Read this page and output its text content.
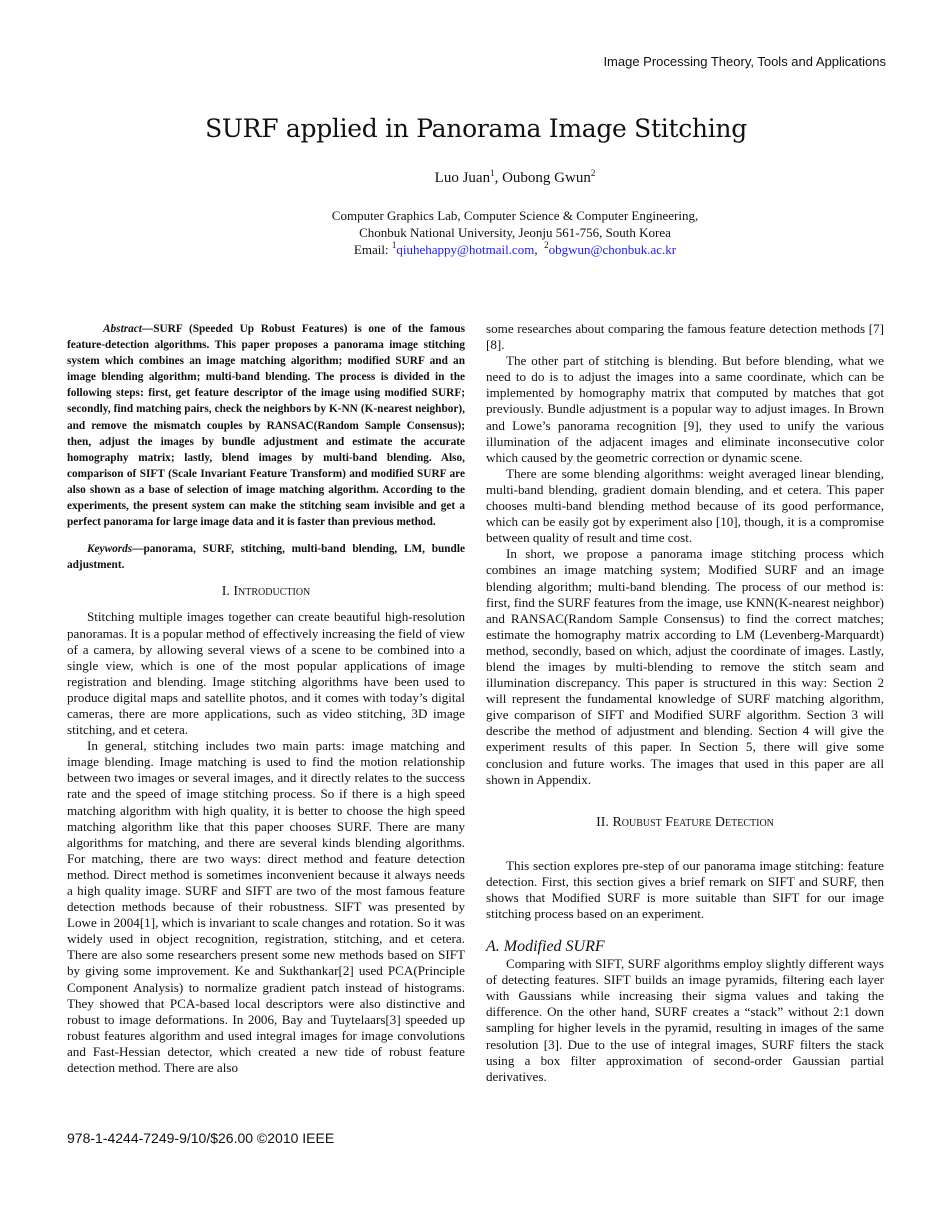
Image Processing Theory, Tools and Applications
SURF applied in Panorama Image Stitching
Luo Juan$^1$, Oubong Gwun$^2$
Computer Graphics Lab, Computer Science & Computer Engineering,
Chonbuk National University, Jeonju 561-756, South Korea
Email: $^1$qiuhehappy@hotmail.com,  $^2$obgwun@chonbuk.ac.kr

Abstract—SURF (Speeded Up Robust Features) is one of the famous feature-detection algorithms. This paper proposes a panorama image stitching system which combines an image matching algorithm; modified SURF and an image blending algorithm; multi-band blending. The process is divided in the following steps: first, get feature descriptor of the image using modified SURF; secondly, find matching pairs, check the neighbors by K-NN (K-nearest neighbor), and remove the mismatch couples by RANSAC(Random Sample Consensus); then, adjust the images by bundle adjustment and estimate the accurate homography matrix; lastly, blend images by multi-band blending. Also, comparison of SIFT (Scale Invariant Feature Transform) and modified SURF are also shown as a base of selection of image matching algorithm. According to the experiments, the present system can make the stitching seam invisible and get a perfect panorama for large image data and it is faster than previous method.

Keywords—panorama, SURF, stitching, multi-band blending, LM, bundle adjustment.

I. Introduction

Stitching multiple images together can create beautiful high-resolution panoramas. It is a popular method of effectively increasing the field of view of a camera, by allowing several views of a scene to be combined into a single view, which is one of the most popular applications of image registration and blending. Image stitching algorithms have been used to produce digital maps and satellite photos, and it comes with today’s digital cameras, there are more applications, such as video stitching, 3D image stitching, and et cetera.

In general, stitching includes two main parts: image matching and image blending. Image matching is used to find the motion relationship between two images or several images, and it directly relates to the success rate and the speed of image stitching process. So if there is a high speed matching algorithm with high quality, it is better to choose the high speed matching algorithm like that this paper chooses SURF. There are many algorithms for matching, and there are several kinds blending algorithms. For matching, there are two ways: direct method and feature detection method. Direct method is sometimes inconvenient because it always needs a high quality image. SURF and SIFT are two of the most famous feature detection methods because of their robustness. SIFT was presented by Lowe in 2004[1], which is invariant to scale changes and rotation. So it was widely used in object recognition, registration, stitching, and et cetera. There are also some researchers present some new methods based on SIFT by giving some improvement. Ke and Sukthankar[2] used PCA(Principle Component Analysis) to normalize gradient patch instead of histograms. They showed that PCA-based local descriptors were also distinctive and robust to image deformations. In 2006, Bay and Tuytelaars[3] speeded up robust features algorithm and used integral images for image convolutions and Fast-Hessian detector, which created a new tide of robust feature detection method. There are also

some researches about comparing the famous feature detection methods [7][8].

The other part of stitching is blending. But before blending, what we need to do is to adjust the images into a same coordinate, which can be implemented by homography matrix that computed by matches that got previously. Bundle adjustment is a popular way to adjust images. In Brown and Lowe’s panorama recognition [9], they used to unify the various illumination of the adjacent images and eliminate inconsecutive color which caused by the geometric correction or dynamic scene.

There are some blending algorithms: weight averaged linear blending, multi-band blending, gradient domain blending, and et cetera. This paper chooses multi-band blending method because of its good performance, which can be easily got by experiment also [10], though, it is a compromise between quality of result and time cost.

In short, we propose a panorama image stitching process which combines an image matching system; Modified SURF and an image blending algorithm; multi-band blending. The process of our method is: first, find the SURF features from the image, use KNN(K-nearest neighbor) and RANSAC(Random Sample Consensus) to find the correct matches; estimate the homography matrix according to LM (Levenberg-Marquardt) method, secondly, based on which, adjust the coordinate of images. Lastly, blend the images by multi-blending to remove the stitch seam and illumination discrepancy. This paper is structured in this way: Section 2 will represent the fundamental knowledge of SURF matching algorithm, give comparison of SIFT and Modified SURF algorithm. Section 3 will describe the method of adjustment and blending. Section 4 will give the experiment results of this paper. In Section 5, there will give some conclusion and future works. The images that used in this paper are all shown in Appendix.

II. Roubust Feature Detection

This section explores pre-step of our panorama image stitching: feature detection. First, this section gives a brief remark on SIFT and SURF, then shows that Modified SURF is more suitable than SIFT for our image stitching process based on an experiment.

A. Modified SURF

Comparing with SIFT, SURF algorithms employ slightly different ways of detecting features. SIFT builds an image pyramids, filtering each layer with Gaussians while increasing their sigma values and taking the difference. On the other hand, SURF creates a “stack” without 2:1 down sampling for higher levels in the pyramid, resulting in images of the same resolution [3]. Due to the use of integral images, SURF filters the stack using a box filter approximation of second-order Gaussian partial derivatives.

978-1-4244-7249-9/10/$26.00 ©2010 IEEE
